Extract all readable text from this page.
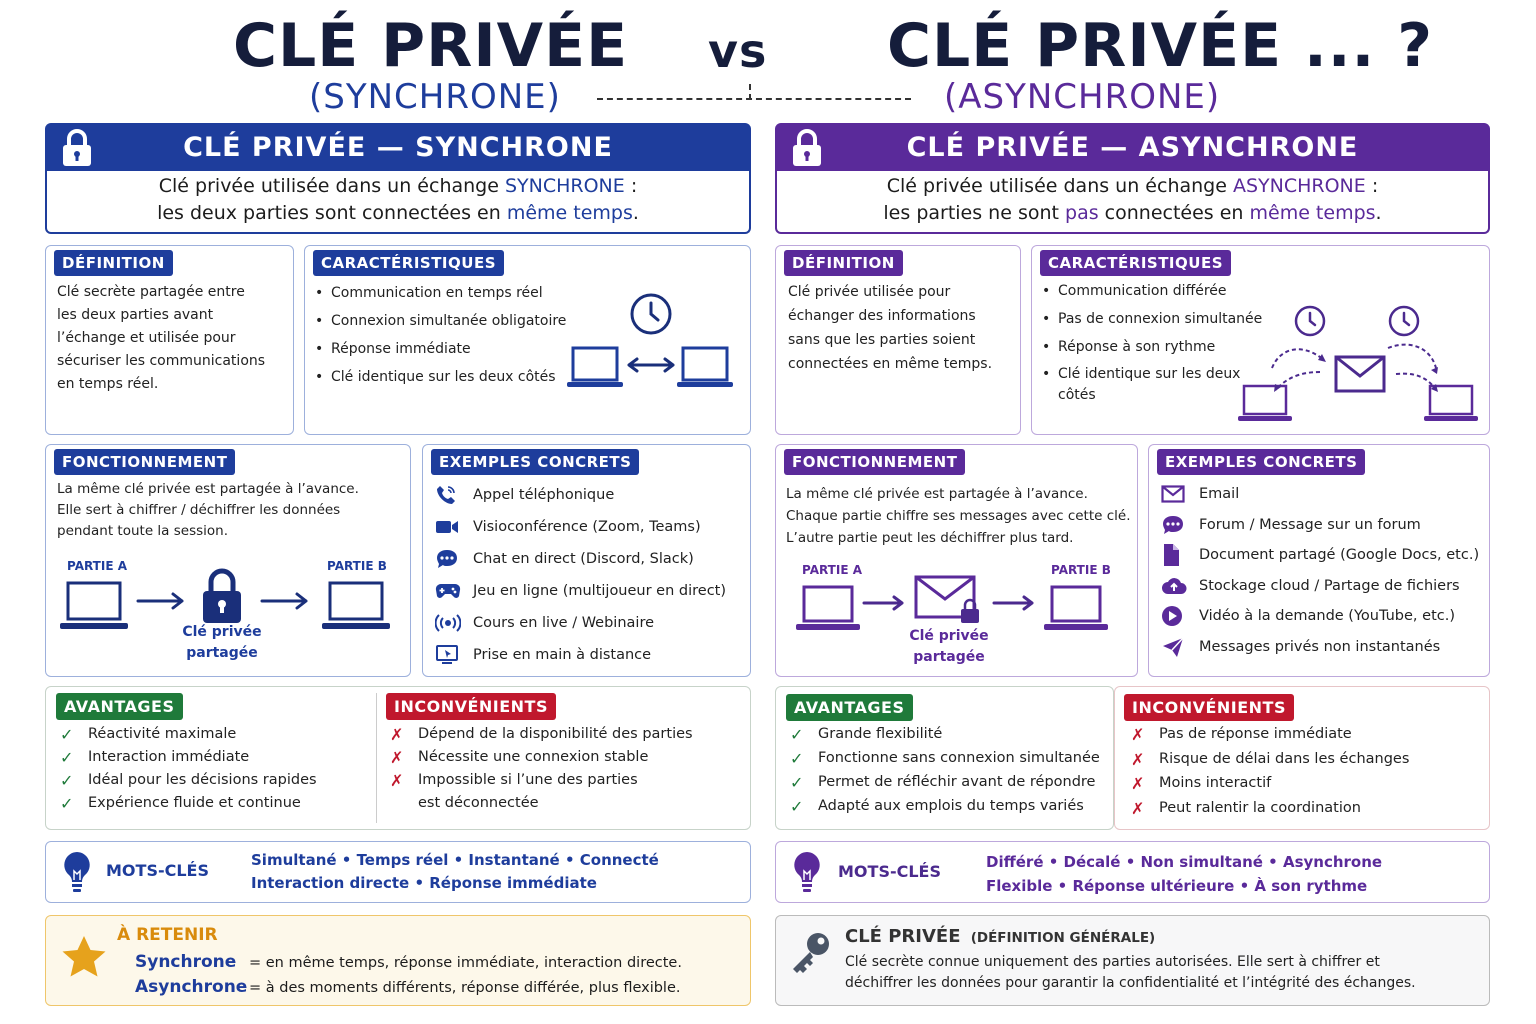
CLÉ PRIVÉE
(SYNCHRONE)
vs CLÉ PRIVÉE ... ?
(ASYNCHRONE)
CLÉ PRIVÉE — SYNCHRONE
Clé privée utilisée dans un échange SYNCHRONE :
les deux parties sont connectées en même temps.
DÉFINITION
Clé secrète partagée entre
les deux parties avant
l’échange et utilisée pour
sécuriser les communications
en temps réel.
CARACTÉRISTIQUES
• Communication en temps réel
• Connexion simultanée obligatoire
• Réponse immédiate
• Clé identique sur les deux côtés
FONCTIONNEMENT
La même clé privée est partagée à l’avance.
Elle sert à chiffrer / déchiffrer les données
pendant toute la session.
PARTIE A	PARTIE B
Clé privée
partagée
EXEMPLES CONCRETS
Appel téléphonique
Visioconférence (Zoom, Teams)
Chat en direct (Discord, Slack)
Jeu en ligne (multijoueur en direct)
Cours en live / Webinaire
Prise en main à distance
AVANTAGES
✓	Réactivité maximale
✓	Interaction immédiate
✓	Idéal pour les décisions rapides
✓	Expérience fluide et continue
INCONVÉNIENTS
✗	Dépend de la disponibilité des parties
✗	Nécessite une connexion stable
✗	Impossible si l’une des parties
est déconnectée
MOTS-CLÉS
Simultané • Temps réel • Instantané • Connecté
Interaction directe • Réponse immédiate
À RETENIR
Synchrone = en même temps, réponse immédiate, interaction directe.
Asynchrone = à des moments différents, réponse différée, plus flexible.
CLÉ PRIVÉE — ASYNCHRONE
Clé privée utilisée dans un échange ASYNCHRONE :
les parties ne sont pas connectées en même temps.
DÉFINITION
Clé privée utilisée pour
échanger des informations
sans que les parties soient
connectées en même temps.
CARACTÉRISTIQUES
• Communication différée
• Pas de connexion simultanée
• Réponse à son rythme
• Clé identique sur les deux
côtés
FONCTIONNEMENT
La même clé privée est partagée à l’avance.
Chaque partie chiffre ses messages avec cette clé.
L’autre partie peut les déchiffrer plus tard.
PARTIE A	PARTIE B
Clé privée
partagée
EXEMPLES CONCRETS
Email
Forum / Message sur un forum
Document partagé (Google Docs, etc.)
Stockage cloud / Partage de fichiers
Vidéo à la demande (YouTube, etc.)
Messages privés non instantanés
AVANTAGES
✓	Grande flexibilité
✓	Fonctionne sans connexion simultanée
✓	Permet de réfléchir avant de répondre
✓	Adapté aux emplois du temps variés
INCONVÉNIENTS
✗	Pas de réponse immédiate
✗	Risque de délai dans les échanges
✗	Moins interactif
✗	Peut ralentir la coordination
MOTS-CLÉS	Différé • Décalé • Non simultané • Asynchrone
Flexible • Réponse ultérieure • À son rythme
CLÉ PRIVÉE (DÉFINITION GÉNÉRALE)
Clé secrète connue uniquement des parties autorisées. Elle sert à chiffrer et
déchiffrer les données pour garantir la confidentialité et l’intégrité des échanges.
